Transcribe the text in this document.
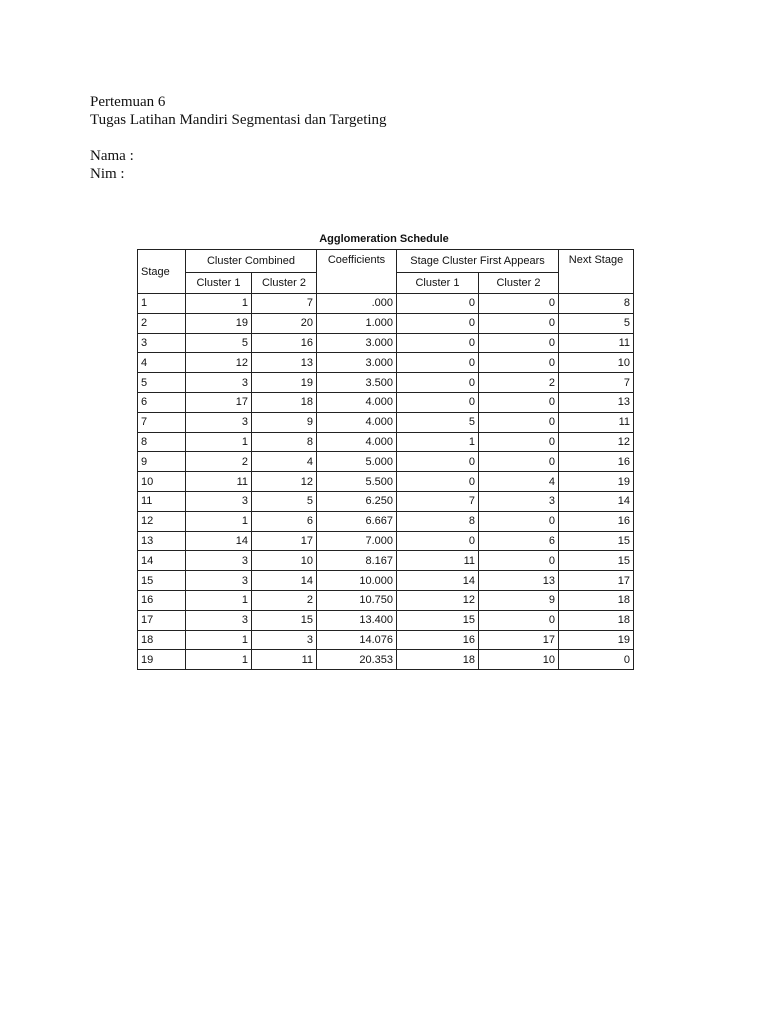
Pertemuan 6
Tugas Latihan Mandiri Segmentasi dan Targeting
Nama :
Nim :
Agglomeration Schedule
Stage	Cluster Combined		Coefficients	Stage Cluster First Appears		Next Stage
	Cluster 1	Cluster 2		Cluster 1	Cluster 2	
1	1	7	.000	0	0	8
2	19	20	1.000	0	0	5
3	5	16	3.000	0	0	11
4	12	13	3.000	0	0	10
5	3	19	3.500	0	2	7
6	17	18	4.000	0	0	13
7	3	9	4.000	5	0	11
8	1	8	4.000	1	0	12
9	2	4	5.000	0	0	16
10	11	12	5.500	0	4	19
11	3	5	6.250	7	3	14
12	1	6	6.667	8	0	16
13	14	17	7.000	0	6	15
14	3	10	8.167	11	0	15
15	3	14	10.000	14	13	17
16	1	2	10.750	12	9	18
17	3	15	13.400	15	0	18
18	1	3	14.076	16	17	19
19	1	11	20.353	18	10	0
